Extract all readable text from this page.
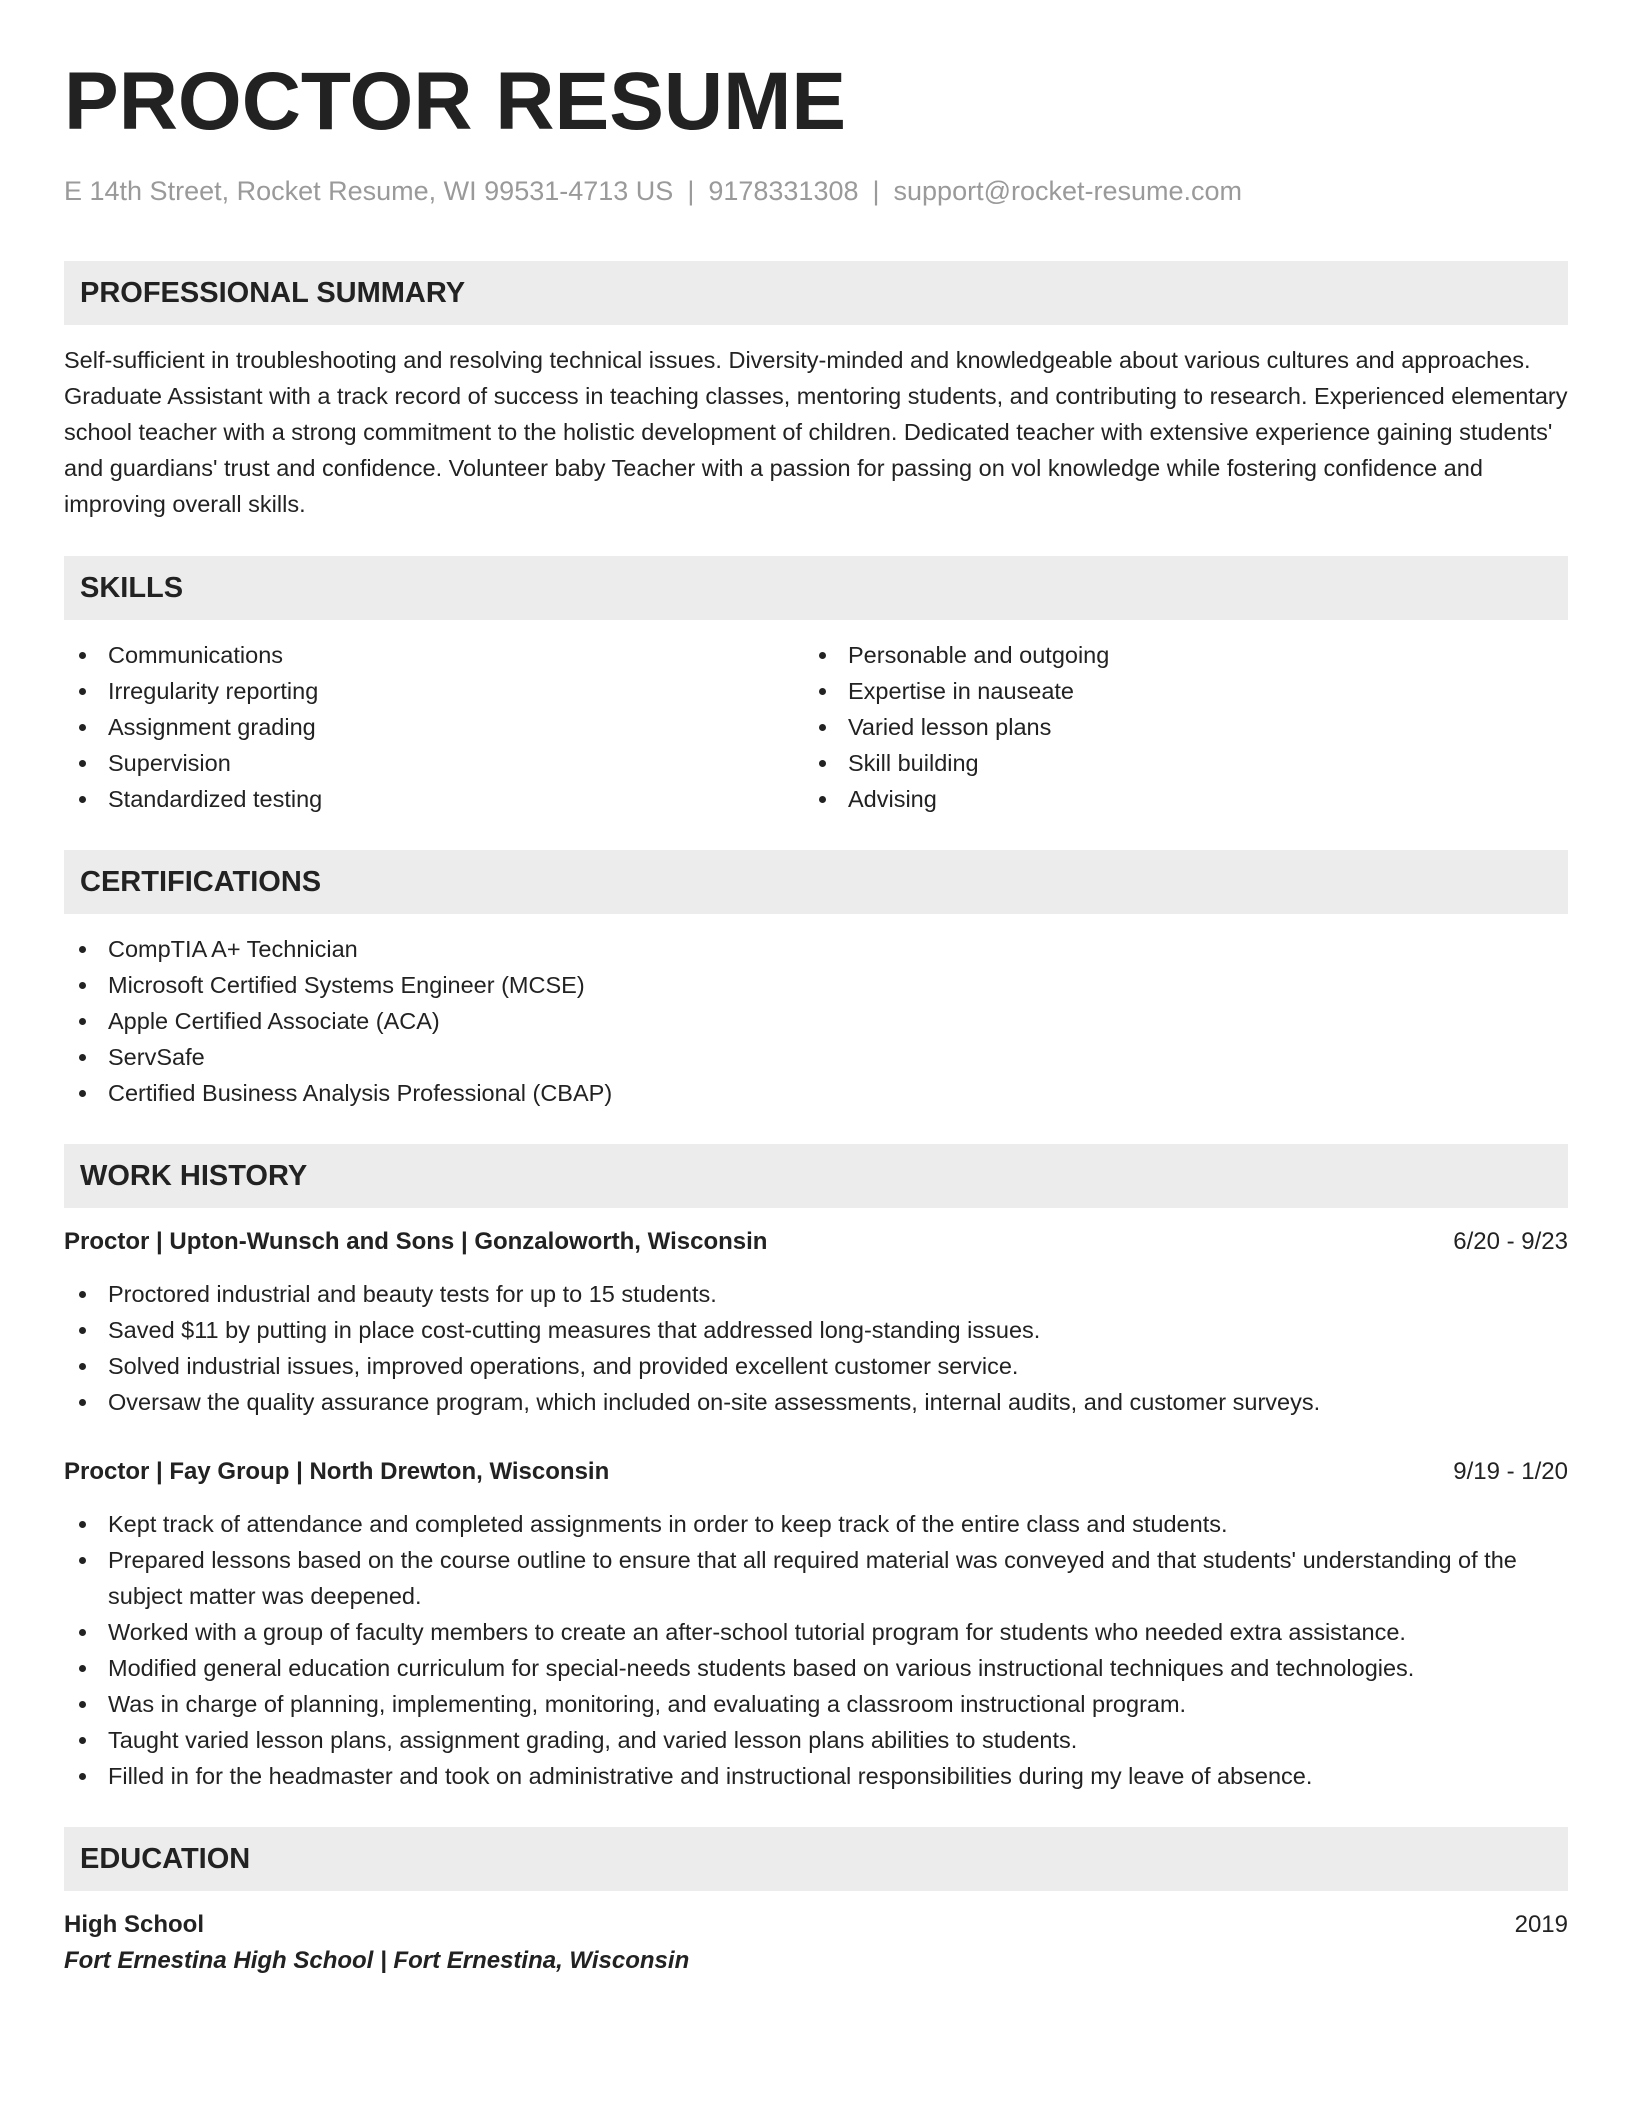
PROCTOR RESUME
E 14th Street, Rocket Resume, WI 99531-4713 US | 9178331308 | support@rocket-resume.com
PROFESSIONAL SUMMARY
Self-sufficient in troubleshooting and resolving technical issues. Diversity-minded and knowledgeable about various cultures and approaches. Graduate Assistant with a track record of success in teaching classes, mentoring students, and contributing to research. Experienced elementary school teacher with a strong commitment to the holistic development of children. Dedicated teacher with extensive experience gaining students' and guardians' trust and confidence. Volunteer baby Teacher with a passion for passing on vol knowledge while fostering confidence and improving overall skills.
SKILLS
Communications
Irregularity reporting
Assignment grading
Supervision
Standardized testing
Personable and outgoing
Expertise in nauseate
Varied lesson plans
Skill building
Advising
CERTIFICATIONS
CompTIA A+ Technician
Microsoft Certified Systems Engineer (MCSE)
Apple Certified Associate (ACA)
ServSafe
Certified Business Analysis Professional (CBAP)
WORK HISTORY
Proctor | Upton-Wunsch and Sons | Gonzaloworth, Wisconsin	6/20 - 9/23
Proctored industrial and beauty tests for up to 15 students.
Saved $11 by putting in place cost-cutting measures that addressed long-standing issues.
Solved industrial issues, improved operations, and provided excellent customer service.
Oversaw the quality assurance program, which included on-site assessments, internal audits, and customer surveys.
Proctor | Fay Group | North Drewton, Wisconsin	9/19 - 1/20
Kept track of attendance and completed assignments in order to keep track of the entire class and students.
Prepared lessons based on the course outline to ensure that all required material was conveyed and that students' understanding of the subject matter was deepened.
Worked with a group of faculty members to create an after-school tutorial program for students who needed extra assistance.
Modified general education curriculum for special-needs students based on various instructional techniques and technologies.
Was in charge of planning, implementing, monitoring, and evaluating a classroom instructional program.
Taught varied lesson plans, assignment grading, and varied lesson plans abilities to students.
Filled in for the headmaster and took on administrative and instructional responsibilities during my leave of absence.
EDUCATION
High School	2019
Fort Ernestina High School | Fort Ernestina, Wisconsin
